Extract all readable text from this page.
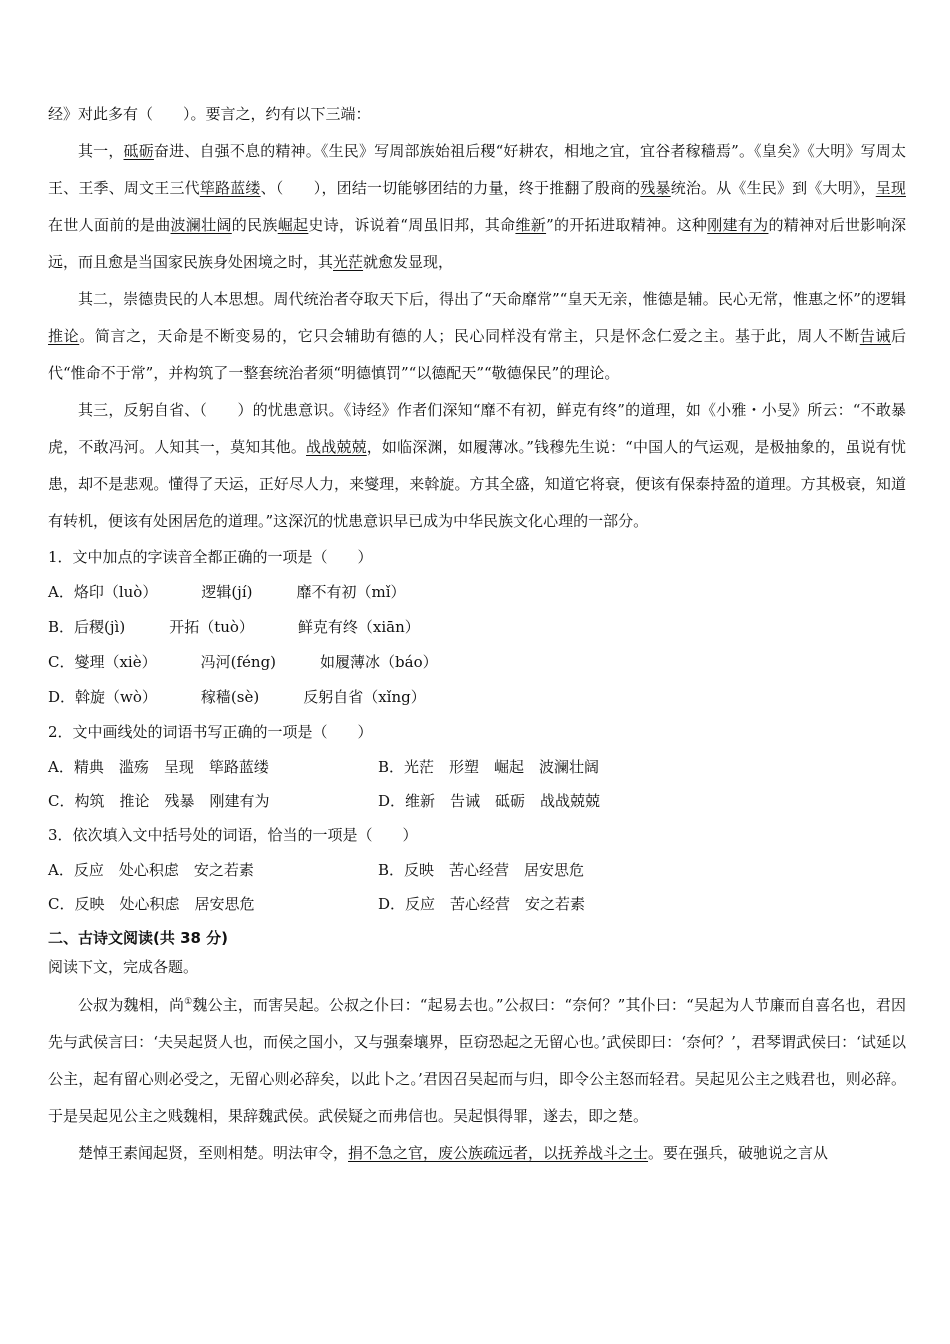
经》对此多有（　　）。要言之，约有以下三端：

其一，砥砺奋进、自强不息的精神。《生民》写周部族始祖后稷“好耕农，相地之宜，宜谷者稼穑焉”。《皇矣》《大明》写周太王、王季、周文王三代筚路蓝缕、（　　），团结一切能够团结的力量，终于推翻了殷商的残暴统治。从《生民》到《大明》，呈现在世人面前的是曲波澜壮阔的民族崛起史诗，诉说着“周虽旧邦，其命维新”的开拓进取精神。这种刚建有为的精神对后世影响深远，而且愈是当国家民族身处困境之时，其光茫就愈发显现，

其二，崇德贵民的人本思想。周代统治者夺取天下后，得出了“天命靡常”“皇天无亲，惟德是辅。民心无常，惟惠之怀”的逻辑推论。简言之，天命是不断变易的，它只会辅助有德的人；民心同样没有常主，只是怀念仁爱之主。基于此，周人不断告诫后代“惟命不于常”，并构筑了一整套统治者须“明德慎罚”“以德配天”“敬德保民”的理论。

其三，反躬自省、（　　）的忧患意识。《诗经》作者们深知“靡不有初，鲜克有终”的道理，如《小雅・小旻》所云：“不敢暴虎，不敢冯河。人知其一，莫知其他。战战兢兢，如临深渊，如履薄冰。”钱穆先生说：“中国人的气运观，是极抽象的，虽说有忧患，却不是悲观。懂得了天运，正好尽人力，来燮理，来斡旋。方其全盛，知道它将衰，便该有保泰持盈的道理。方其极衰，知道有转机，便该有处困居危的道理。”这深沉的忧患意识早已成为中华民族文化心理的一部分。

1．文中加点的字读音全都正确的一项是（　　）

A．烙印（luò）	逻辑(jí)	靡不有初（mǐ）

B．后稷(jì)	开拓（tuò）	鲜克有终（xiān）

C．燮理（xiè）	冯河(féng)	如履薄冰（báo）

D．斡旋（wò）	稼穑(sè)	反躬自省（xǐng）

2．文中画线处的词语书写正确的一项是（　　）

A．精典　滥殇　呈现　筚路蓝缕	B．光茫　形塑　崛起　波澜壮阔
C．构筑　推论　残暴　刚建有为	D．维新　告诫　砥砺　战战兢兢

3．依次填入文中括号处的词语，恰当的一项是（　　）

A．反应　处心积虑　安之若素	B．反映　苦心经营　居安思危
C．反映　处心积虑　居安思危	D．反应　苦心经营　安之若素
二、古诗文阅读(共 38 分)

阅读下文，完成各题。

公叔为魏相，尚①魏公主，而害吴起。公叔之仆曰：“起易去也。”公叔曰：“奈何？”其仆曰：“吴起为人节廉而自喜名也，君因先与武侯言曰：‘夫吴起贤人也，而侯之国小，又与强秦壤界，臣窃恐起之无留心也。’武侯即曰：‘奈何？’，君琴谓武侯曰：‘试延以公主，起有留心则必受之，无留心则必辞矣，以此卜之。’君因召吴起而与归，即令公主怒而轻君。吴起见公主之贱君也，则必辞。于是吴起见公主之贱魏相，果辞魏武侯。武侯疑之而弗信也。吴起惧得罪，遂去，即之楚。

楚悼王素闻起贤，至则相楚。明法审令，捐不急之官，废公族疏远者，以抚养战斗之士。要在强兵，破驰说之言从
